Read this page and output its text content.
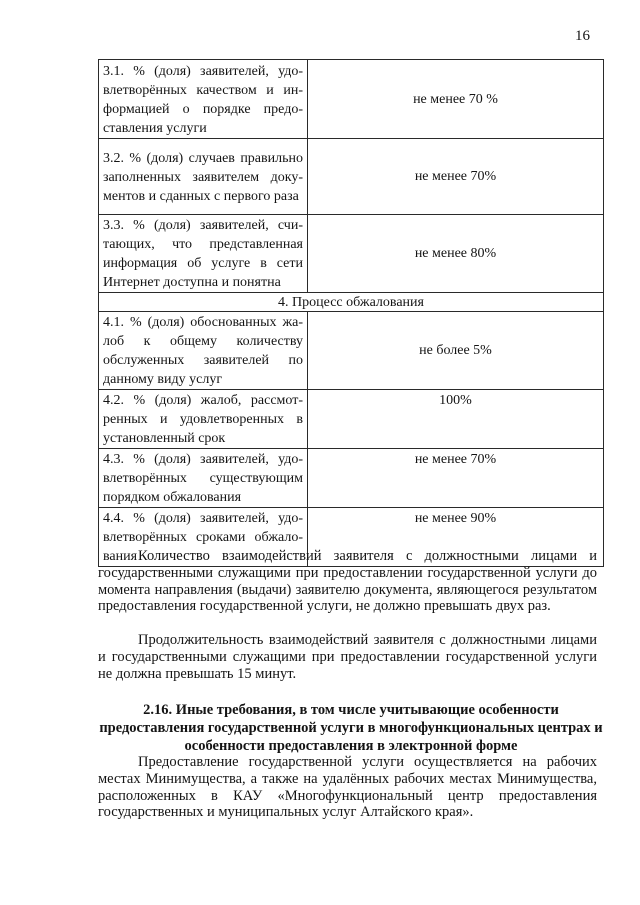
16
3.1. % (доля) заявителей, удо-влетворённых качеством и ин-формацией о порядке предо-ставления услуги	не менее 70 %
3.2. % (доля) случаев правильно заполненных заявителем доку-ментов и сданных с первого раза	не менее 70%
3.3. % (доля) заявителей, счи-тающих, что представленная информация об услуге в сети Интернет доступна и понятна	не менее 80%
4. Процесс обжалования	
4.1. % (доля) обоснованных жа-лоб к общему количеству обслуженных заявителей по данному виду услуг	не более 5%
4.2. % (доля) жалоб, рассмот-ренных и удовлетворенных в установленный срок	100%
4.3. % (доля) заявителей, удо-влетворённых существующим порядком обжалования	не менее 70%
4.4. % (доля) заявителей, удо-влетворённых сроками обжало-вания	не менее 90%

Количество взаимодействий заявителя с должностными лицами и государственными служащими при предоставлении государственной услуги до момента направления (выдачи) заявителю документа, являющегося результатом предоставления государственной услуги, не должно превышать двух раз.

Продолжительность взаимодействий заявителя с должностными лицами и государственными служащими при предоставлении государственной услуги не должна превышать 15 минут.

2.16. Иные требования, в том числе учитывающие особенности предоставления государственной услуги в многофункциональных центрах и особенности предоставления в электронной форме

Предоставление государственной услуги осуществляется на рабочих местах Минимущества, а также на удалённых рабочих местах Минимущества, расположенных в КАУ «Многофункциональный центр предоставления государственных и муниципальных услуг Алтайского края».
